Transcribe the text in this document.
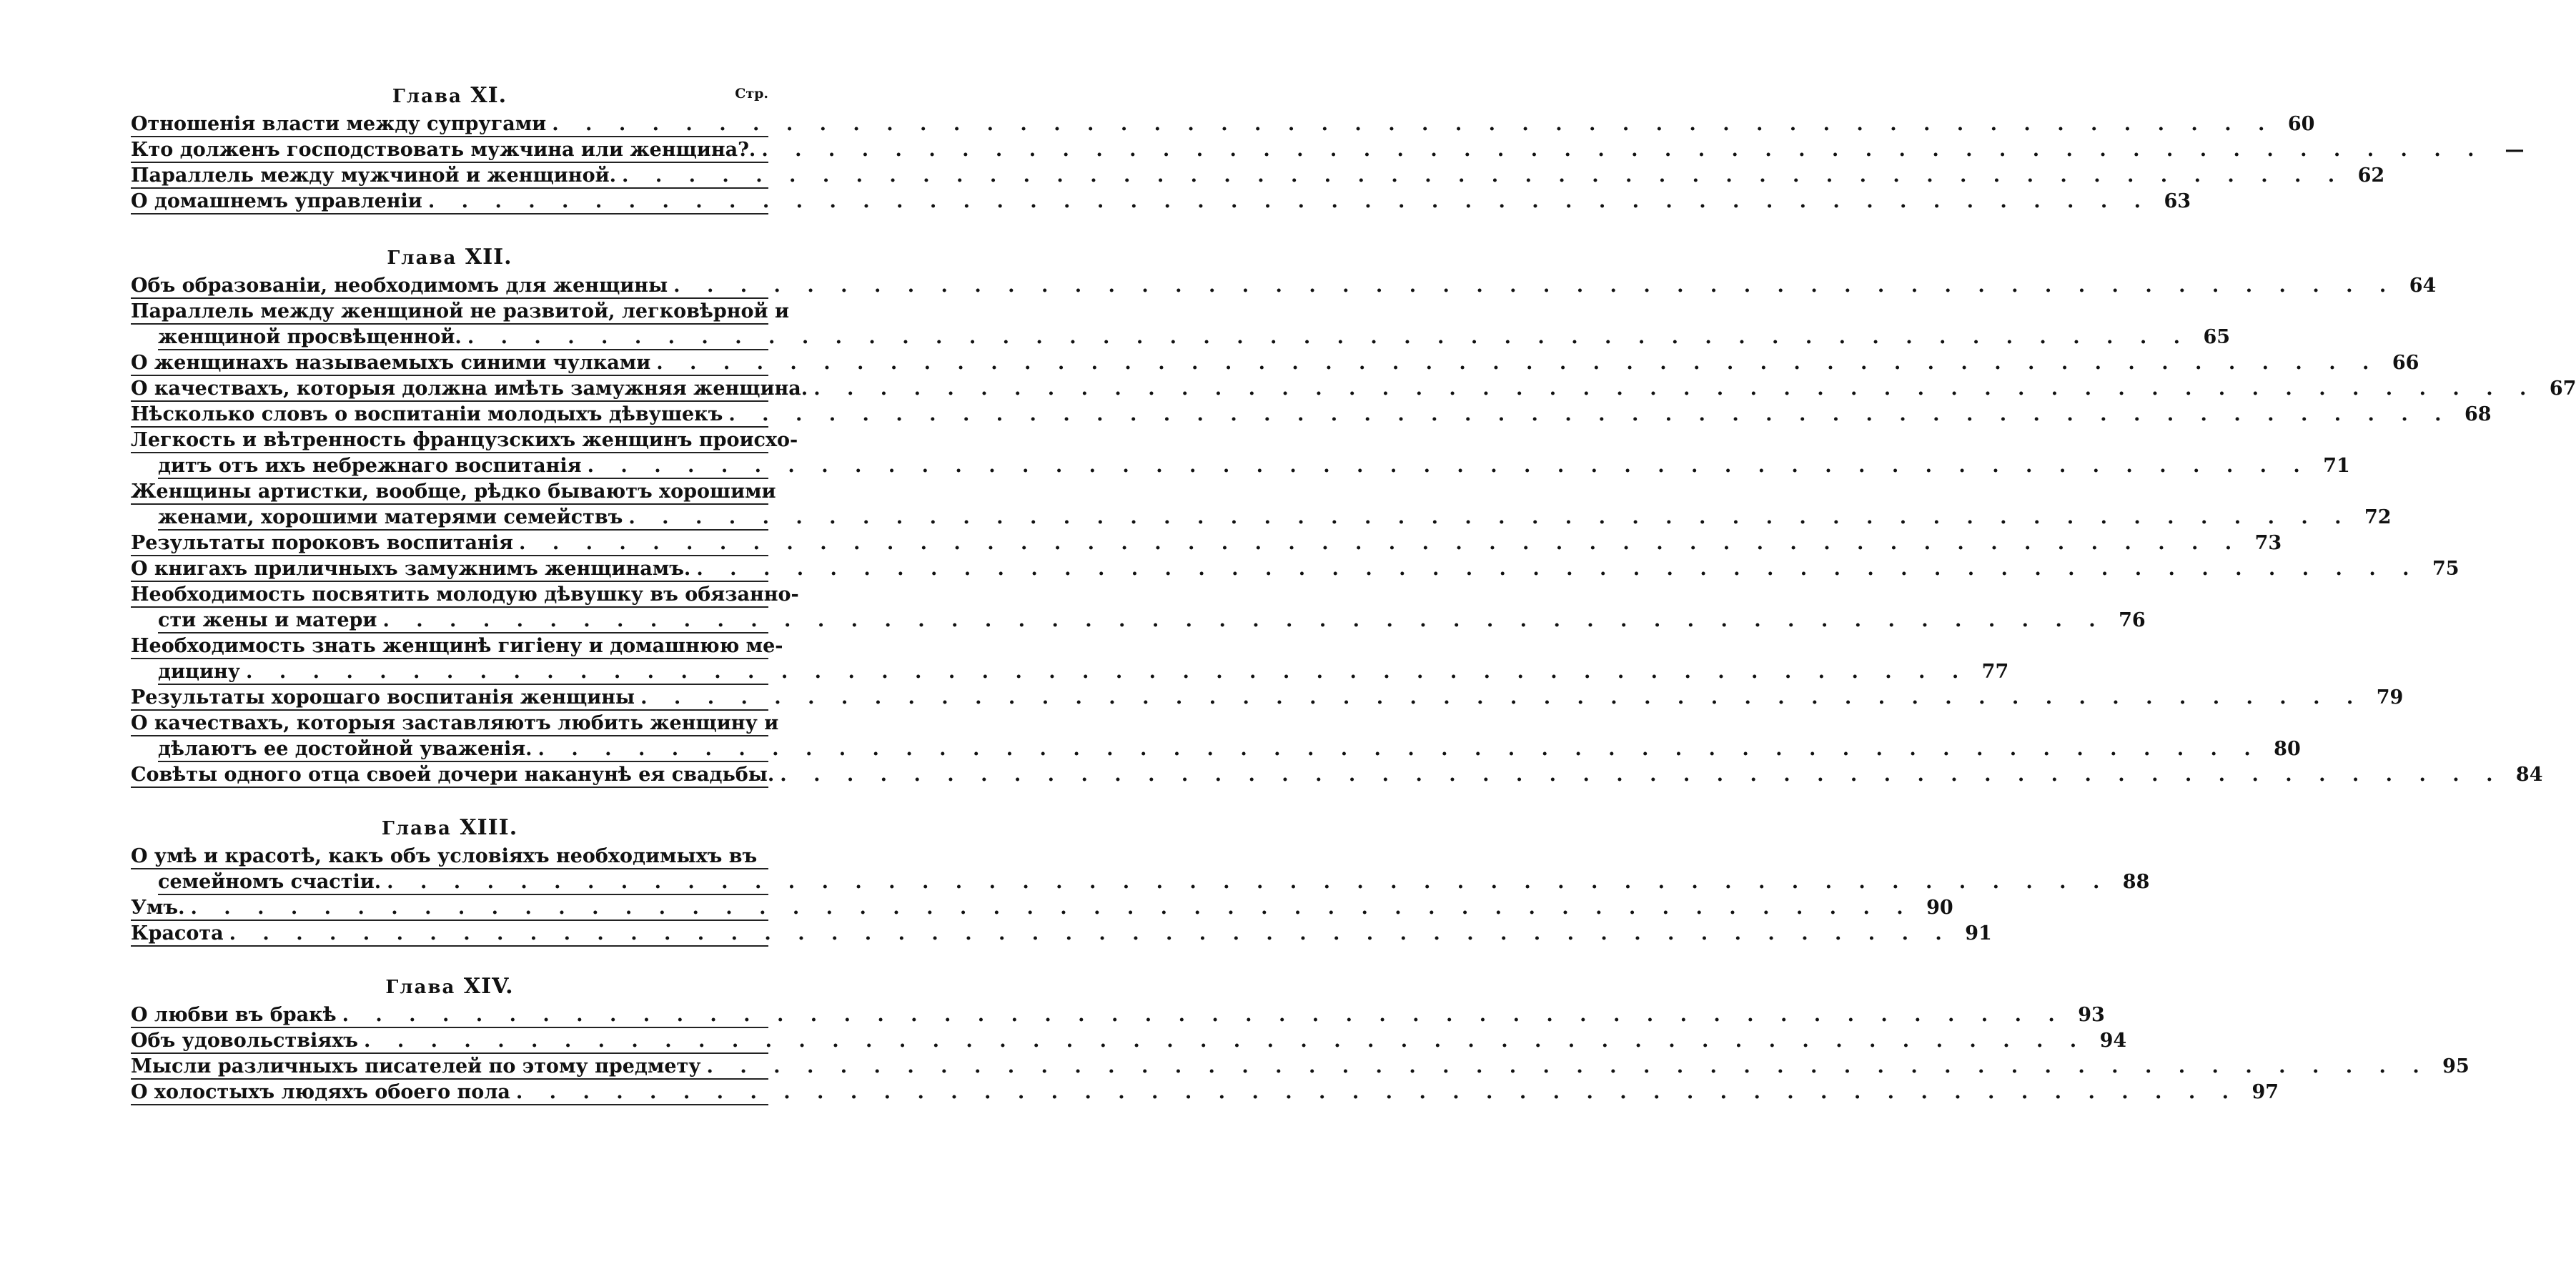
Стр.
Глава XI.
Отношенія власти между супругами . . .	60
Кто долженъ господствовать мужчина или женщина?. . . .	—
Параллель между мужчиной и женщиной. . . .	62
О домашнемъ управленіи . . .	63
Глава XII.
Объ образованіи, необходимомъ для женщины . . .	64
Параллель между женщиной не развитой, легковѣрной и
женщиной просвѣщенной. . . .	65
О женщинахъ называемыхъ синими чулками . . .	66
О качествахъ, которыя должна имѣть замужняя женщина. . . .	67
Нѣсколько словъ о воспитаніи молодыхъ дѣвушекъ . . .	68
Легкость и вѣтренность французскихъ женщинъ происхо-
дитъ отъ ихъ небрежнаго воспитанія . . .	71
Женщины артистки, вообще, рѣдко бываютъ хорошими
женами, хорошими матерями семействъ . . .	72
Результаты пороковъ воспитанія . . .	73
О книгахъ приличныхъ замужнимъ женщинамъ. . . .	75
Необходимость посвятить молодую дѣвушку въ обязанно-
сти жены и матери . . .	76
Необходимость знать женщинѣ гигіену и домашнюю ме-
дицину . . .	77
Результаты хорошаго воспитанія женщины . . .	79
О качествахъ, которыя заставляютъ любить женщину и
дѣлаютъ ее достойной уваженія. . . .	80
Совѣты одного отца своей дочери наканунѣ ея свадьбы. . . .	84
Глава XIII.
О умѣ и красотѣ, какъ объ условіяхъ необходимыхъ въ
семейномъ счастіи. . . .	88
Умъ. . . .	90
Красота . . .	91
Глава XIV.
О любви въ бракѣ . . .	93
Объ удовольствіяхъ . . .	94
Мысли различныхъ писателей по этому предмету . . .	95
О холостыхъ людяхъ обоего пола . . .	97
